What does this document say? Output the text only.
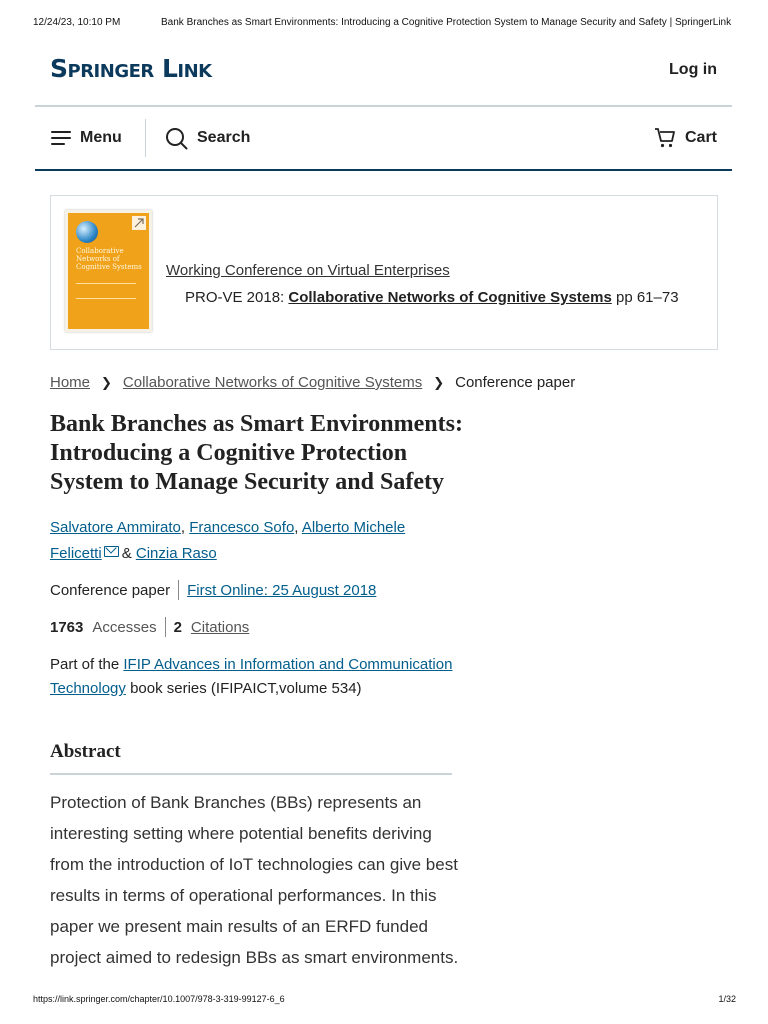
12/24/23, 10:10 PM	Bank Branches as Smart Environments: Introducing a Cognitive Protection System to Manage Security and Safety | SpringerLink
Springer Link	Log in
Menu	Search	Cart
Collaborative Networks of Cognitive Systems Working Conference on Virtual Enterprises
PRO-VE 2018: Collaborative Networks of Cognitive Systems pp 61–73
Home ❯ Collaborative Networks of Cognitive Systems ❯ Conference paper
Bank Branches as Smart Environments: Introducing a Cognitive Protection System to Manage Security and Safety
Salvatore Ammirato, Francesco Sofo, Alberto Michele Felicetti & Cinzia Raso
Conference paper First Online: 25 August 2018
1763 Accesses 2 Citations
Part of the IFIP Advances in Information and Communication Technology book series (IFIPAICT,volume 534)
Abstract

Protection of Bank Branches (BBs) represents an interesting setting where potential benefits deriving from the introduction of IoT technologies can give best results in terms of operational performances. In this paper we present main results of an ERFD funded project aimed to redesign BBs as smart environments.

https://link.springer.com/chapter/10.1007/978-3-319-99127-6_6	1/32
